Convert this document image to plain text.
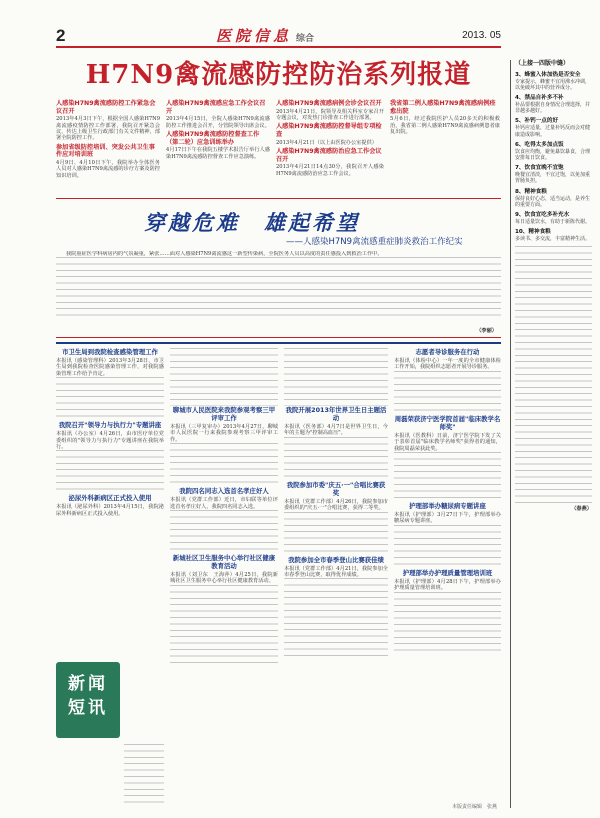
2	医院信息 综合	2013. 05
H7N9禽流感防控防治系列报道
人感染H7N9禽流感防控工作紧急会议召开
2013年4月3日下午，根据全国人感染H7N9禽流感疫情防控工作部署，我院召开紧急会议，传达上级卫生行政部门有关文件精神，部署全院防控工作。
参加省级防控培训、突发公共卫生事件应对培训班
4月9日、4月10日下午，我院举办全体医务人员对人感染H7N9禽流感的诊疗方案及防控知识培训。
人感染H7N9禽流感应急工作会议召开
2013年4月15日，全院人感染H7N9禽流感防控工作推进会召开，分管院领导出席会议。
人感染H7N9禽流感防控督查工作（第二轮）应急训练举办
4月17日下午在我院五楼学术报告厅举行人感染H7N9禽流感防控督查工作应急演练。
人感染H7N9禽流感病例会诊会议召开
2013年4月21日，院领导及相关科室专家召开专题会议，对发热门诊排查工作进行部署。
人感染H7N9禽流感防控督导组专项检查
2013年4月21日（以上由医院办公室提供）
人感染H7N9禽流感防治应急工作会议召开
2013年4月21日14点30分，我院召开人感染H7N9禽流感防治应急工作会议。
我省第二例人感染H7N9禽流感病例痊愈出院
5月6日，经过我院医护人员20多天的积极救治，我省第二例人感染H7N9禽流感病例患者康复出院。
穿越危难　雄起希望
——人感染H7N9禽流感重症肺炎救治工作纪实
我院重症医学科病房内的气氛凝重，紧张……面对人感染H7N9禽流感这一新型传染病，全院医务人员以高度的责任感投入到救治工作中。
（李丽）
（上接一四版中缝）
3、蜂蜜入体加热是否安全
专家提示，蜂蜜不宜用沸水冲调，以免破坏其中的营养成分。
4、禁品自补多不补
补品要根据自身情况合理选择，并非越多越好。
5、补钙一点的好
补钙应适量，过量补钙反而会对健康造成影响。
6、吃得太多加点饭
饮食应均衡，避免暴饮暴食，合理安排每日饮食。
7、饮食宜晚不宜饱
晚餐宜清淡，不宜过饱，以免加重胃肠负担。
8、精神食粮
保持良好心态，适当运动，是养生的重要方面。
9、饮食宜吃多补充水
每日适量饮水，有助于新陈代谢。
10、精神食粮
多读书、多交流，丰富精神生活。
（春燕）
市卫生局到我院检查感染管理工作
本报讯（感染管理科）2013年3月28日，市卫生局到我院检查医院感染管理工作，对我院感染管理工作给予肯定。
我院召开"领导力与执行力"专题讲座
本报讯（办公室）4月26日，由市医疗单位党委组织的"领导力与执行力"专题讲座在我院举行。
泌尿外科新病区正式投入使用
本报讯（泌尿外科）2013年4月15日，我院泌尿外科新病区正式投入使用。
新闻
短讯
聊城市人民医院来我院参观考察三甲评审工作
本报讯（三甲复审办）2013年4月27日，聊城市人民医院一行来我院参观考察三甲评审工作。
我院四名同志入选首名孝庄好人
本报讯（党群工作部）近日，市妇联等单位评选首名孝庄好人，我院四名同志入选。
新城社区卫生服务中心举行社区健康教育活动
本报讯（刘卫东　王海萍）4月25日，我院新城社区卫生服务中心举行社区健康教育活动。
我院开展2013年世界卫生日主题活动
本报讯（医务部）4月7日是世界卫生日，今年的主题为"控制高血压"。
我院参加市委"庆五·一"合唱比赛获奖
本报讯（党群工作部）4月26日，我院参加市委组织的"庆五·一"合唱比赛，获得二等奖。
我院参加全市春季登山比赛获佳绩
本报讯（党群工作部）4月21日，我院参加全市春季登山比赛，取得优异成绩。
志愿者导诊服务在行动
本报讯（体检中心）一年一度的全市健康体检工作开始，我院组织志愿者开展导诊服务。
周磊荣获济宁医学院首届"临床教学名师奖"
本报讯（医教科）日前，济宁医学院下发了关于表彰首届"临床教学名师奖"获得者的通知，我院周磊荣获此奖。
护理部举办糖尿病专题讲座
本报讯（护理部）3月27日下午，护理部举办糖尿病专题讲座。
护理部举办护理质量管理培训班
本报讯（护理部）4月28日下午，护理部举办护理质量管理培训班。
本版责任编辑　张燕
